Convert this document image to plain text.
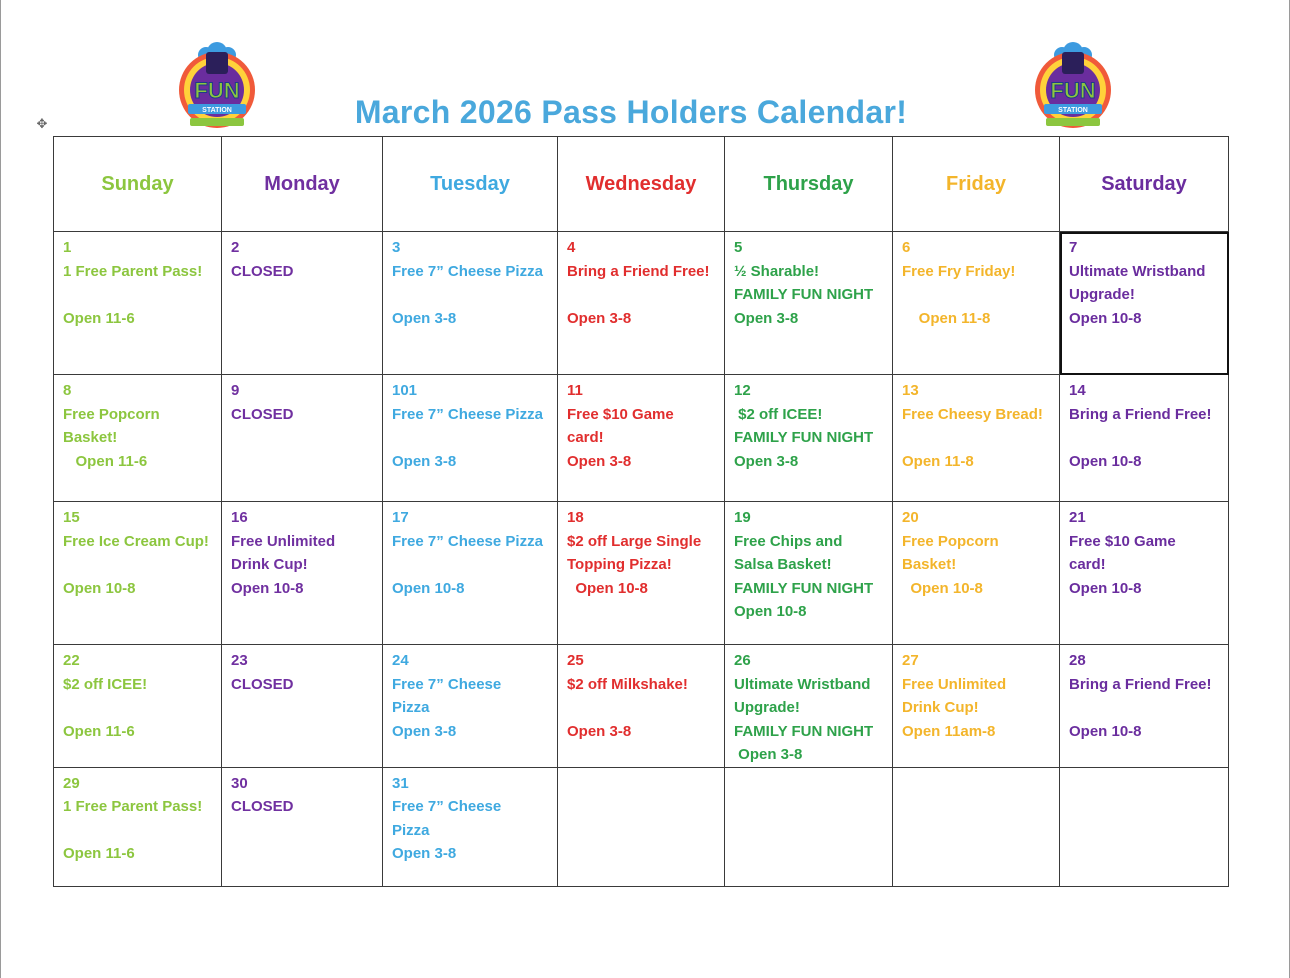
✥
FUN
STATION
FUN
STATION
March 2026 Pass Holders Calendar!
Sunday	Monday	Tuesday	Wednesday	Thursday	Friday	Saturday

1
1 Free Parent Pass!
Open 11-6	2
CLOSED	3
Free 7” Cheese Pizza
Open 3-8	4
Bring a Friend Free!
Open 3-8	5
½ Sharable!
FAMILY FUN NIGHT
Open 3-8	6
Free Fry Friday!
Open 11-8	7
Ultimate Wristband
Upgrade!
Open 10-8

8
Free Popcorn
Basket!
Open 11-6	9
CLOSED	101
Free 7” Cheese Pizza
Open 3-8	11
Free $10 Game
card!
Open 3-8	12
$2 off ICEE!
FAMILY FUN NIGHT
Open 3-8	13
Free Cheesy Bread!
Open 11-8	14
Bring a Friend Free!
Open 10-8

15
Free Ice Cream Cup!
Open 10-8	16
Free Unlimited
Drink Cup!
Open 10-8	17
Free 7” Cheese Pizza
Open 10-8	18
$2 off Large Single
Topping Pizza!
Open 10-8	19
Free Chips and
Salsa Basket!
FAMILY FUN NIGHT
Open 10-8	20
Free Popcorn
Basket!
Open 10-8	21
Free $10 Game
card!
Open 10-8

22
$2 off ICEE!
Open 11-6	23
CLOSED	24
Free 7” Cheese
Pizza
Open 3-8	25
$2 off Milkshake!
Open 3-8	26
Ultimate Wristband
Upgrade!
FAMILY FUN NIGHT
Open 3-8	27
Free Unlimited
Drink Cup!
Open 11am-8	28
Bring a Friend Free!
Open 10-8

29
1 Free Parent Pass!
Open 11-6	30
CLOSED	31
Free 7” Cheese
Pizza
Open 3-8				
